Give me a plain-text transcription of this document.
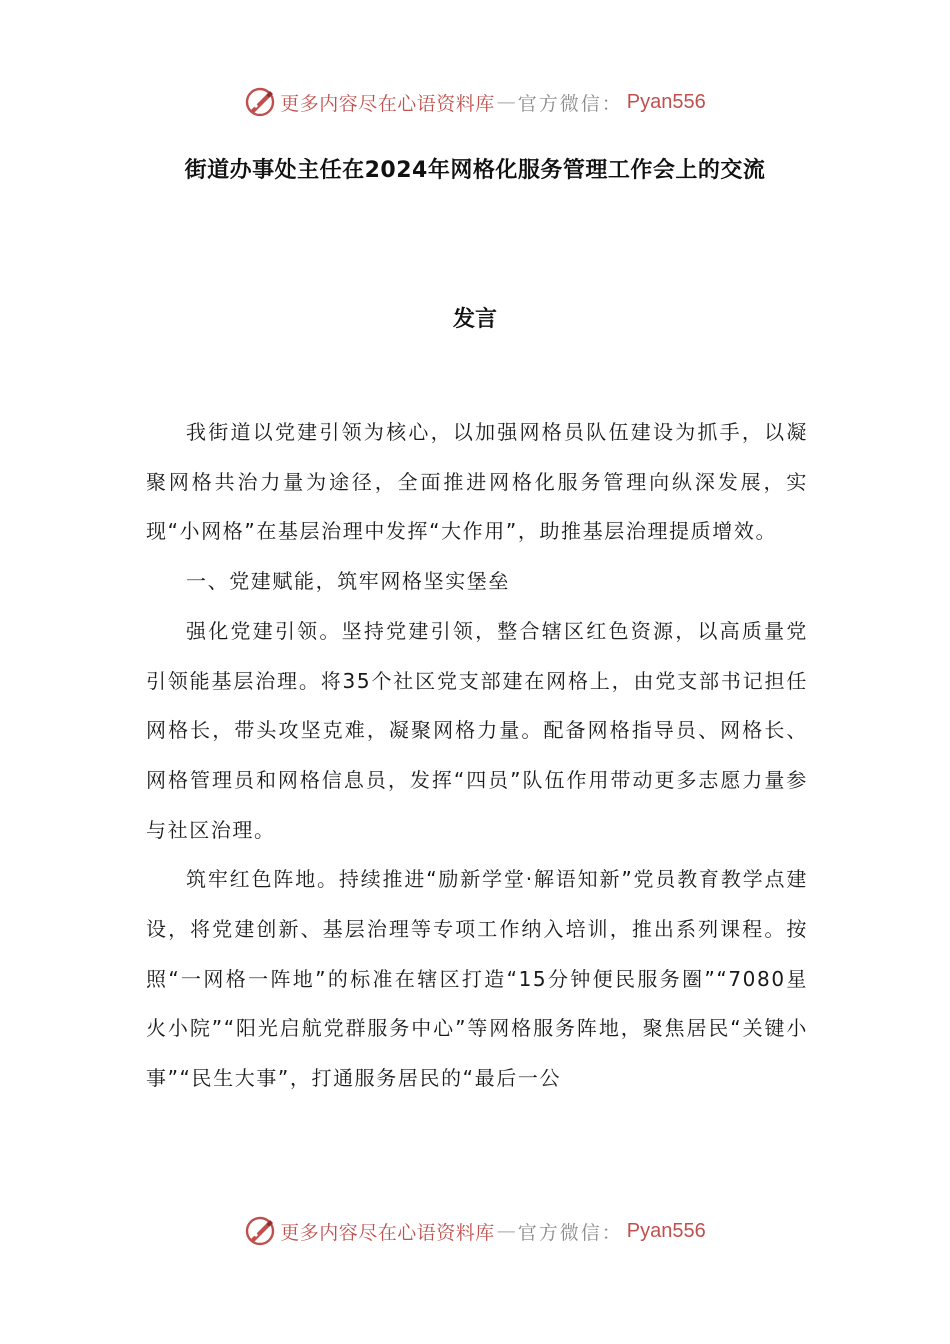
更多内容尽在心语资料库 — 官方微信： Pyan556
街道办事处主任在2024年网格化服务管理工作会上的交流
发言

我街道以党建引领为核心，以加强网格员队伍建设为抓手，以凝聚网格共治力量为途径，全面推进网格化服务管理向纵深发展，实现“小网格”在基层治理中发挥“大作用”，助推基层治理提质增效。

一、党建赋能，筑牢网格坚实堡垒

强化党建引领。坚持党建引领，整合辖区红色资源，以高质量党引领能基层治理。将35个社区党支部建在网格上，由党支部书记担任网格长，带头攻坚克难，凝聚网格力量。配备网格指导员、网格长、网格管理员和网格信息员，发挥“四员”队伍作用带动更多志愿力量参与社区治理。

筑牢红色阵地。持续推进“励新学堂·解语知新”党员教育教学点建设，将党建创新、基层治理等专项工作纳入培训，推出系列课程。按照“一网格一阵地”的标准在辖区打造“15分钟便民服务圈”“7080星火小院”“阳光启航党群服务中心”等网格服务阵地，聚焦居民“关键小事”“民生大事”，打通服务居民的“最后一公

更多内容尽在心语资料库 — 官方微信： Pyan556
